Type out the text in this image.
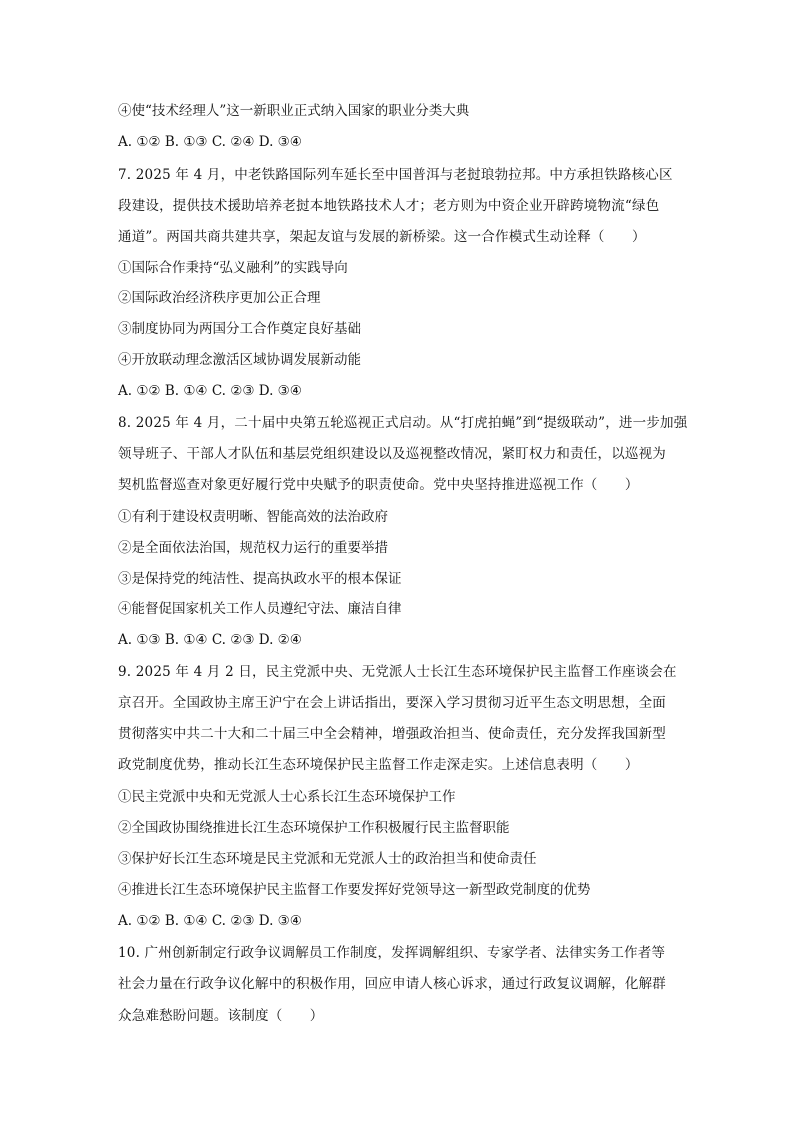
④使“技术经理人”这一新职业正式纳入国家的职业分类大典
A. ①② B. ①③ C. ②④ D. ③④
7. 2025 年 4 月，中老铁路国际列车延长至中国普洱与老挝琅勃拉邦。中方承担铁路核心区
段建设，提供技术援助培养老挝本地铁路技术人才；老方则为中资企业开辟跨境物流“绿色
通道”。两国共商共建共享，架起友谊与发展的新桥梁。这一合作模式生动诠释（　　）
①国际合作秉持“弘义融利”的实践导向
②国际政治经济秩序更加公正合理
③制度协同为两国分工合作奠定良好基础
④开放联动理念激活区域协调发展新动能
A. ①② B. ①④ C. ②③ D. ③④
8. 2025 年 4 月，二十届中央第五轮巡视正式启动。从“打虎拍蝇”到“提级联动”，进一步加强
领导班子、干部人才队伍和基层党组织建设以及巡视整改情况，紧盯权力和责任，以巡视为
契机监督巡查对象更好履行党中央赋予的职责使命。党中央坚持推进巡视工作（　　）
①有利于建设权责明晰、智能高效的法治政府
②是全面依法治国，规范权力运行的重要举措
③是保持党的纯洁性、提高执政水平的根本保证
④能督促国家机关工作人员遵纪守法、廉洁自律
A. ①③ B. ①④ C. ②③ D. ②④
9. 2025 年 4 月 2 日，民主党派中央、无党派人士长江生态环境保护民主监督工作座谈会在
京召开。全国政协主席王沪宁在会上讲话指出，要深入学习贯彻习近平生态文明思想，全面
贯彻落实中共二十大和二十届三中全会精神，增强政治担当、使命责任，充分发挥我国新型
政党制度优势，推动长江生态环境保护民主监督工作走深走实。上述信息表明（　　）
①民主党派中央和无党派人士心系长江生态环境保护工作
②全国政协围绕推进长江生态环境保护工作积极履行民主监督职能
③保护好长江生态环境是民主党派和无党派人士的政治担当和使命责任
④推进长江生态环境保护民主监督工作要发挥好党领导这一新型政党制度的优势
A. ①② B. ①④ C. ②③ D. ③④
10. 广州创新制定行政争议调解员工作制度，发挥调解组织、专家学者、法律实务工作者等
社会力量在行政争议化解中的积极作用，回应申请人核心诉求，通过行政复议调解，化解群
众急难愁盼问题。该制度（　　）
